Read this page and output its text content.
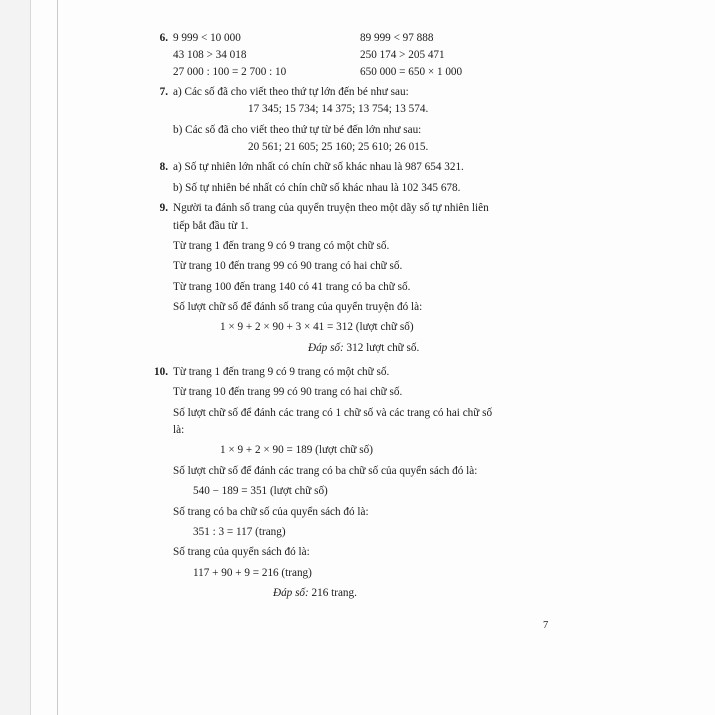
6. 9 999 < 10 000	89 999 < 97 888
43 108 > 34 018	250 174 > 205 471
27 000 : 100 = 2 700 : 10	650 000 = 650 × 1 000
7. a) Các số đã cho viết theo thứ tự lớn đến bé như sau:
17 345; 15 734; 14 375; 13 754; 13 574.
b) Các số đã cho viết theo thứ tự từ bé đến lớn như sau:
20 561; 21 605; 25 160; 25 610; 26 015.
8. a) Số tự nhiên lớn nhất có chín chữ số khác nhau là 987 654 321.
b) Số tự nhiên bé nhất có chín chữ số khác nhau là 102 345 678.
9. Người ta đánh số trang của quyển truyện theo một dãy số tự nhiên liên
tiếp bắt đầu từ 1.
Từ trang 1 đến trang 9 có 9 trang có một chữ số.
Từ trang 10 đến trang 99 có 90 trang có hai chữ số.
Từ trang 100 đến trang 140 có 41 trang có ba chữ số.
Số lượt chữ số để đánh số trang của quyển truyện đó là:
1 × 9 + 2 × 90 + 3 × 41 = 312 (lượt chữ số)
Đáp số: 312 lượt chữ số.
10. Từ trang 1 đến trang 9 có 9 trang có một chữ số.
Từ trang 10 đến trang 99 có 90 trang có hai chữ số.
Số lượt chữ số để đánh các trang có 1 chữ số và các trang có hai chữ số
là:
1 × 9 + 2 × 90 = 189 (lượt chữ số)
Số lượt chữ số để đánh các trang có ba chữ số của quyển sách đó là:
540 − 189 = 351 (lượt chữ số)
Số trang có ba chữ số của quyển sách đó là:
351 : 3 = 117 (trang)
Số trang của quyển sách đó là:
117 + 90 + 9 = 216 (trang)
Đáp số: 216 trang.
7
